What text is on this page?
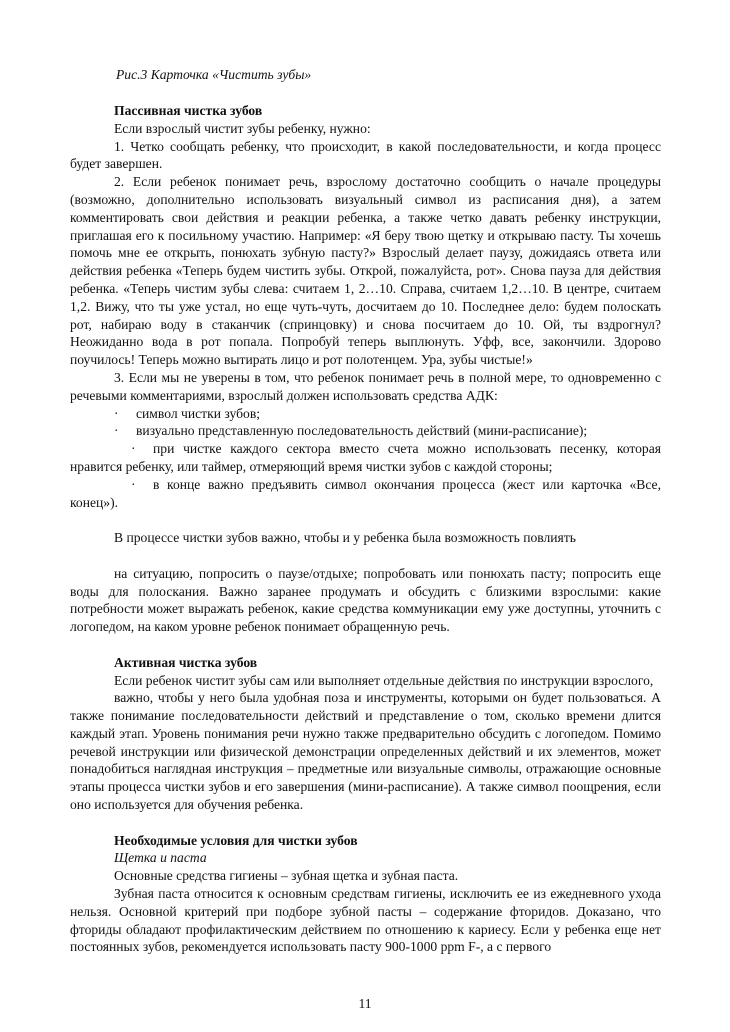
Рис.3 Карточка «Чистить зубы»

Пассивная чистка зубов

Если взрослый чистит зубы ребенку, нужно:

1. Четко сообщать ребенку, что происходит, в какой последовательности, и когда процесс будет завершен.

2. Если ребенок понимает речь, взрослому достаточно сообщить о начале процедуры (возможно, дополнительно использовать визуальный символ из расписания дня), а затем комментировать свои действия и реакции ребенка, а также четко давать ребенку инструкции, приглашая его к посильному участию. Например: «Я беру твою щетку и открываю пасту. Ты хочешь помочь мне ее открыть, понюхать зубную пасту?» Взрослый делает паузу, дожидаясь ответа или действия ребенка «Теперь будем чистить зубы. Открой, пожалуйста, рот». Снова пауза для действия ребенка. «Теперь чистим зубы слева: считаем 1, 2…10. Справа, считаем 1,2…10. В центре, считаем 1,2. Вижу, что ты уже устал, но еще чуть-чуть, досчитаем до 10. Последнее дело: будем полоскать рот, набираю воду в стаканчик (спринцовку) и снова посчитаем до 10. Ой, ты вздрогнул? Неожиданно вода в рот попала. Попробуй теперь выплюнуть. Уфф, все, закончили. Здорово поучилось! Теперь можно вытирать лицо и рот полотенцем. Ура, зубы чистые!»

3. Если мы не уверены в том, что ребенок понимает речь в полной мере, то одновременно с речевыми комментариями, взрослый должен использовать средства АДК:

· символ чистки зубов;

· визуально представленную последовательность действий (мини-расписание);

· при чистке каждого сектора вместо счета можно использовать песенку, которая нравится ребенку, или таймер, отмеряющий время чистки зубов с каждой стороны;

· в конце важно предъявить символ окончания процесса (жест или карточка «Все, конец»).

В процессе чистки зубов важно, чтобы и у ребенка была возможность повлиять

на ситуацию, попросить о паузе/отдыхе; попробовать или понюхать пасту; попросить еще воды для полоскания. Важно заранее продумать и обсудить с близкими взрослыми: какие потребности может выражать ребенок, какие средства коммуникации ему уже доступны, уточнить с логопедом, на каком уровне ребенок понимает обращенную речь.

Активная чистка зубов

Если ребенок чистит зубы сам или выполняет отдельные действия по инструкции взрослого,

важно, чтобы у него была удобная поза и инструменты, которыми он будет пользоваться. А также понимание последовательности действий и представление о том, сколько времени длится каждый этап. Уровень понимания речи нужно также предварительно обсудить с логопедом. Помимо речевой инструкции или физической демонстрации определенных действий и их элементов, может понадобиться наглядная инструкция – предметные или визуальные символы, отражающие основные этапы процесса чистки зубов и его завершения (мини-расписание). А также символ поощрения, если оно используется для обучения ребенка.

Необходимые условия для чистки зубов

Щетка и паста

Основные средства гигиены – зубная щетка и зубная паста.

Зубная паста относится к основным средствам гигиены, исключить ее из ежедневного ухода нельзя. Основной критерий при подборе зубной пасты – содержание фторидов. Доказано, что фториды обладают профилактическим действием по отношению к кариесу. Если у ребенка еще нет постоянных зубов, рекомендуется использовать пасту 900-1000 ppm F-, а с первого

11
